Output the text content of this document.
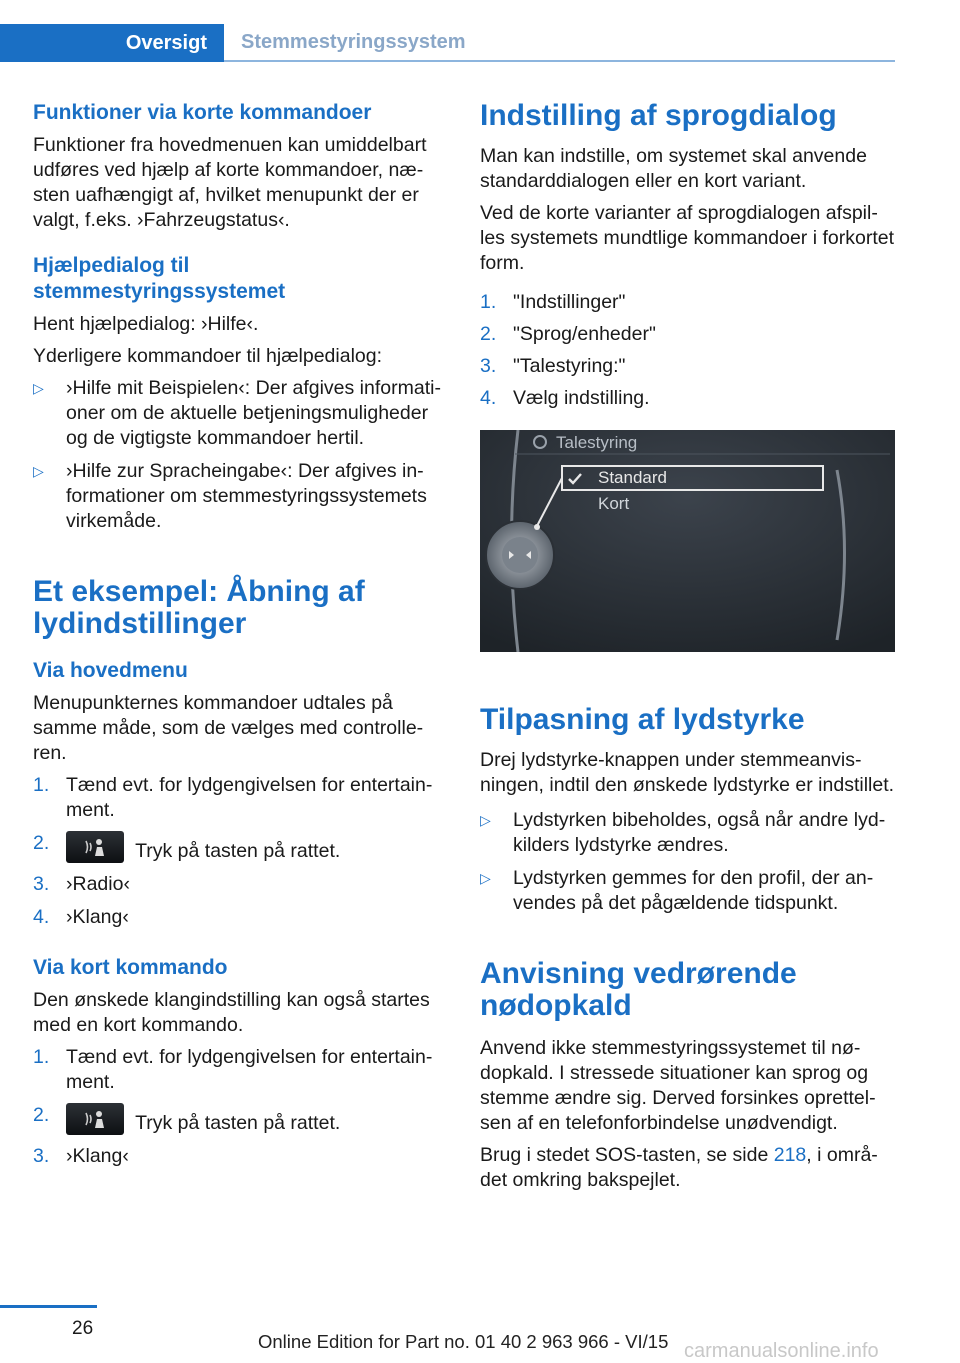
Oversigt	Stemmestyringssystem
Funktioner via korte kommandoer

Funktioner fra hovedmenuen kan umiddelbart udføres ved hjælp af korte kommandoer, næsten uafhængigt af, hvilket menupunkt der er valgt, f.eks. ›Fahrzeugstatus‹.

Hjælpedialog til stemmestyringssystemet

Hent hjælpedialog: ›Hilfe‹.

Yderligere kommandoer til hjælpedialog:

▷ ›Hilfe mit Beispielen‹: Der afgives informationer om de aktuelle betjeningsmuligheder og de vigtigste kommandoer hertil.
▷ ›Hilfe zur Spracheingabe‹: Der afgives informationer om stemmestyringssystemets virkemåde.
Et eksempel: Åbning af lydindstillinger
Via hovedmenu

Menupunkternes kommandoer udtales på samme måde, som de vælges med controlleren.

1. Tænd evt. for lydgengivelsen for entertainment.
2.	Tryk på tasten på rattet.
3. ›Radio‹
4. ›Klang‹
Via kort kommando

Den ønskede klangindstilling kan også startes med en kort kommando.

1. Tænd evt. for lydgengivelsen for entertainment.
2.	Tryk på tasten på rattet.
3. ›Klang‹
Indstilling af sprogdialog

Man kan indstille, om systemet skal anvende standarddialogen eller en kort variant.

Ved de korte varianter af sprogdialogen afspilles systemets mundtlige kommandoer i forkortet form.

1. "Indstillinger"
2. "Sprog/enheder"
3. "Talestyring:"
4. Vælg indstilling.
Talestyring
Standard
Kort
Tilpasning af lydstyrke

Drej lydstyrke-knappen under stemmeanvisningen, indtil den ønskede lydstyrke er indstillet.

▷ Lydstyrken bibeholdes, også når andre lydkilders lydstyrke ændres.
▷ Lydstyrken gemmes for den profil, der anvendes på det pågældende tidspunkt.
Anvisning vedrørende nødopkald

Anvend ikke stemmestyringssystemet til nødopkald. I stressede situationer kan sprog og stemme ændre sig. Derved forsinkes oprettelsen af en telefonforbindelse unødvendigt.

Brug i stedet SOS-tasten, se side 218, i området omkring bakspejlet.

26
Online Edition for Part no. 01 40 2 963 966 - VI/15 carmanualsonline.info
